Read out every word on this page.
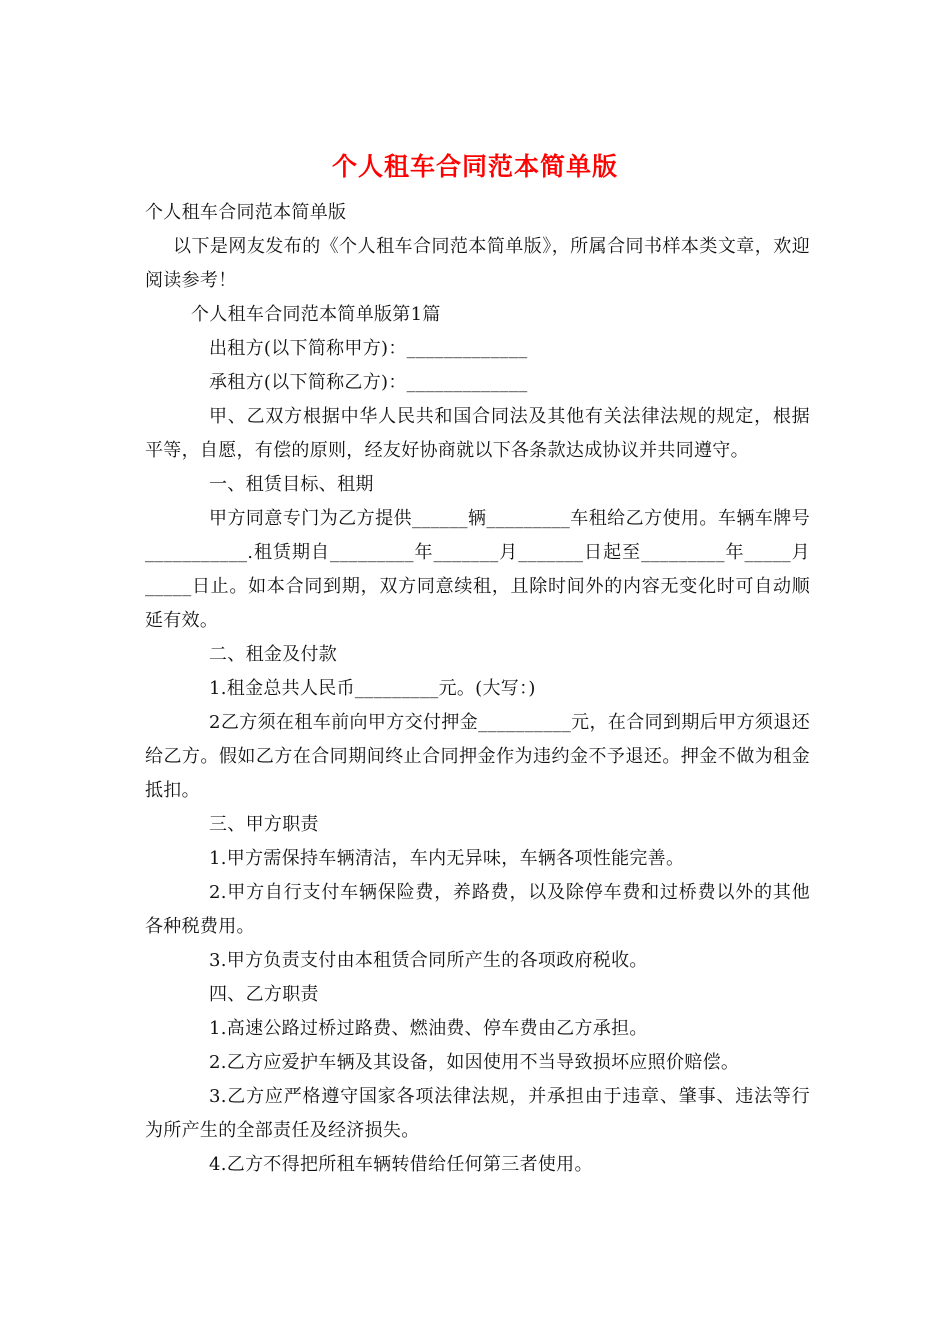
个人租车合同范本简单版

个人租车合同范本简单版

以下是网友发布的《个人租车合同范本简单版》，所属合同书样本类文章，欢迎阅读参考！

个人租车合同范本简单版第1篇

出租方(以下简称甲方)：_____________

承租方(以下简称乙方)：_____________

甲、乙双方根据中华人民共和国合同法及其他有关法律法规的规定，根据平等，自愿，有偿的原则，经友好协商就以下各条款达成协议并共同遵守。

一、租赁目标、租期

甲方同意专门为乙方提供______辆_________车租给乙方使用。车辆车牌号___________.租赁期自_________年_______月_______日起至_________年_____月_____日止。如本合同到期，双方同意续租，且除时间外的内容无变化时可自动顺延有效。

二、租金及付款

1.租金总共人民币_________元。(大写：)

2乙方须在租车前向甲方交付押金__________元，在合同到期后甲方须退还给乙方。假如乙方在合同期间终止合同押金作为违约金不予退还。押金不做为租金抵扣。

三、甲方职责

1.甲方需保持车辆清洁，车内无异味，车辆各项性能完善。

2.甲方自行支付车辆保险费，养路费，以及除停车费和过桥费以外的其他各种税费用。

3.甲方负责支付由本租赁合同所产生的各项政府税收。

四、乙方职责

1.高速公路过桥过路费、燃油费、停车费由乙方承担。

2.乙方应爱护车辆及其设备，如因使用不当导致损坏应照价赔偿。

3.乙方应严格遵守国家各项法律法规，并承担由于违章、肇事、违法等行为所产生的全部责任及经济损失。

4.乙方不得把所租车辆转借给任何第三者使用。
